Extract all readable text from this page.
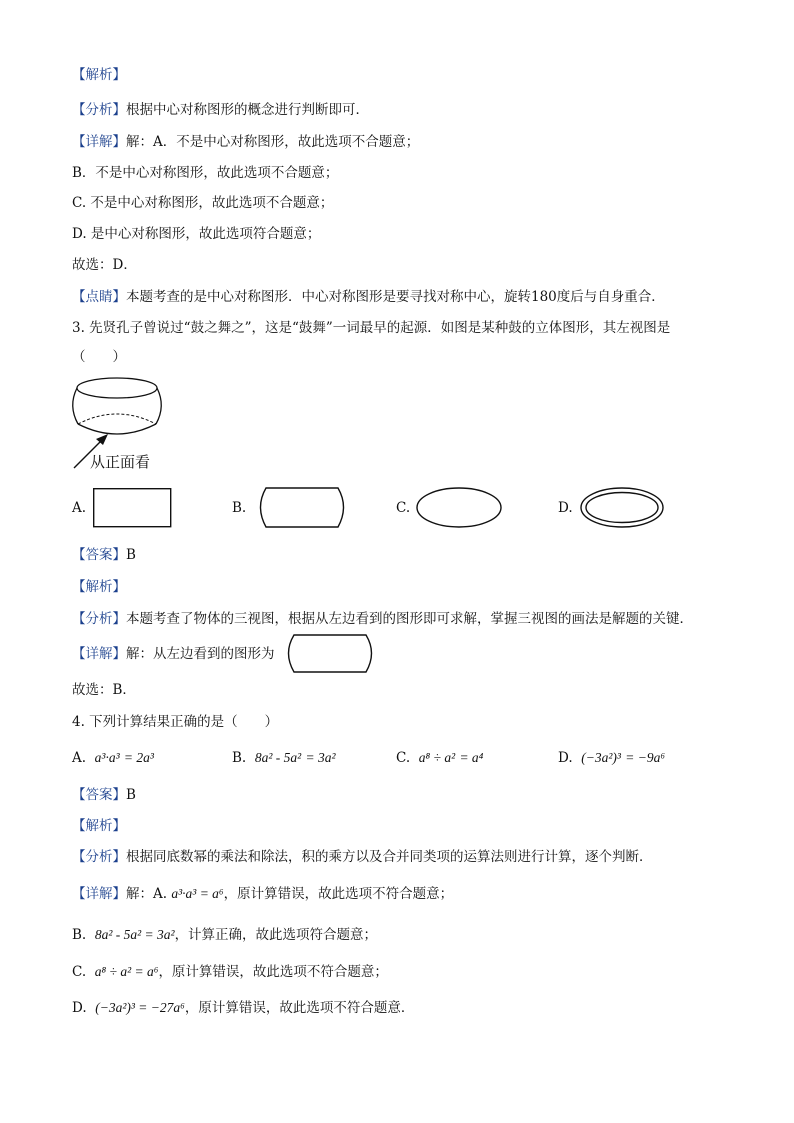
【解析】
【分析】根据中心对称图形的概念进行判断即可．
【详解】解：A．不是中心对称图形，故此选项不合题意；
B．不是中心对称图形，故此选项不合题意；
C. 不是中心对称图形，故此选项不合题意；
D. 是中心对称图形，故此选项符合题意；
故选：D．
【点睛】本题考查的是中心对称图形．中心对称图形是要寻找对称中心，旋转180度后与自身重合．
3. 先贤孔子曾说过“鼓之舞之”，这是“鼓舞”一词最早的起源．如图是某种鼓的立体图形，其左视图是
（　　）
从正面看
A.	B.	C.	D.
【答案】B
【解析】
【分析】本题考查了物体的三视图，根据从左边看到的图形即可求解，掌握三视图的画法是解题的关键．
【详解】解：从左边看到的图形为
故选：B．
4. 下列计算结果正确的是（　　）
A. a³·a³ = 2a³	B. 8a² - 5a² = 3a²	C. a⁸ ÷ a² = a⁴	D. (−3a²)³ = −9a⁶
【答案】B
【解析】
【分析】根据同底数幂的乘法和除法，积的乘方以及合并同类项的运算法则进行计算，逐个判断．
【详解】解：A. a³·a³ = a⁶，原计算错误，故此选项不符合题意；
B. 8a² - 5a² = 3a²，计算正确，故此选项符合题意；
C. a⁸ ÷ a² = a⁶，原计算错误，故此选项不符合题意；
D. (−3a²)³ = −27a⁶，原计算错误，故此选项不符合题意．
